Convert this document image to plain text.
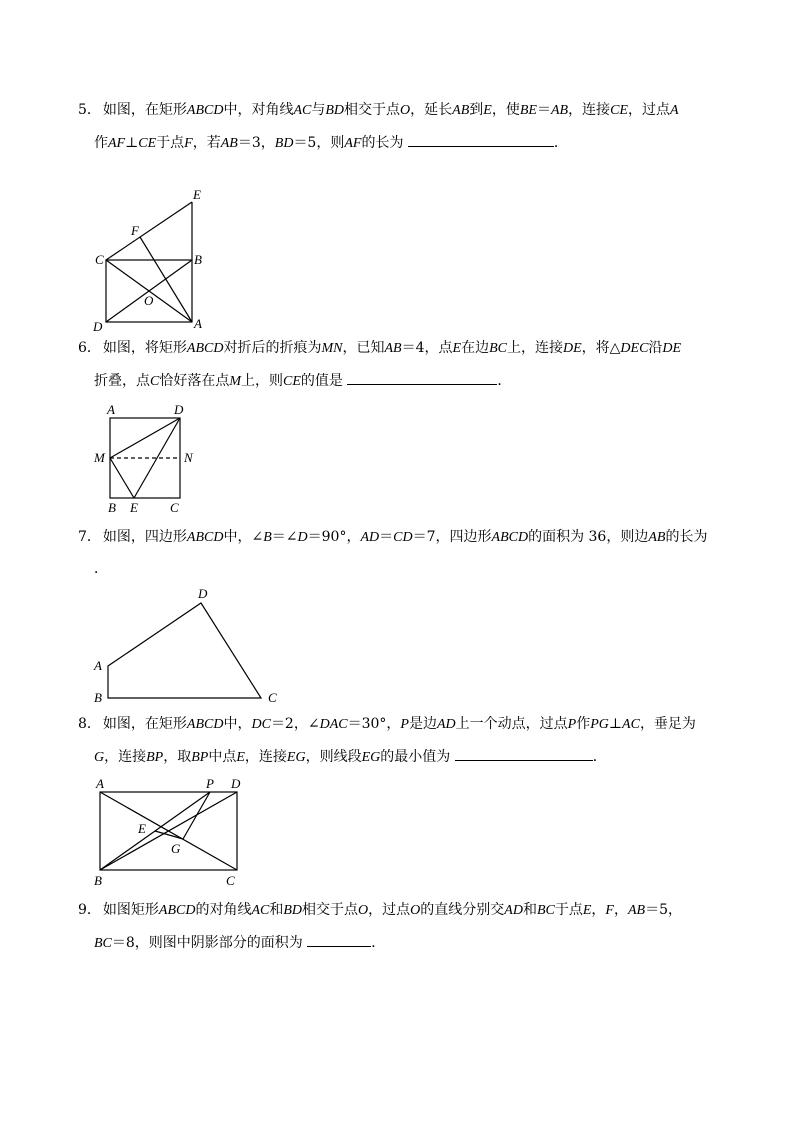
5． 如图，在矩形ABCD中，对角线AC与BD相交于点O，延长AB到E，使BE＝AB，连接CE，过点A
作AF⊥CE于点F，若AB＝3，BD＝5，则AF的长为	．
E
F
C	B
O
D	A
6． 如图，将矩形ABCD对折后的折痕为MN，已知AB＝4，点E在边BC上，连接DE，将△DEC沿DE
折叠，点C恰好落在点M上，则CE的值是	．
A	D
M	N
B E C
7． 如图，四边形ABCD中，∠B＝∠D＝90°，AD＝CD＝7，四边形ABCD的面积为 36，则边AB的长为
．
D
A
B	C
8． 如图，在矩形ABCD中，DC＝2，∠DAC＝30°，P是边AD上一个动点，过点P作PG⊥AC，垂足为
G，连接BP，取BP中点E，连接EG，则线段EG的最小值为	．
A	P D
E
G
B	C
9． 如图矩形ABCD的对角线AC和BD相交于点O，过点O的直线分别交AD和BC于点E，F，AB＝5，
BC＝8，则图中阴影部分的面积为	．
